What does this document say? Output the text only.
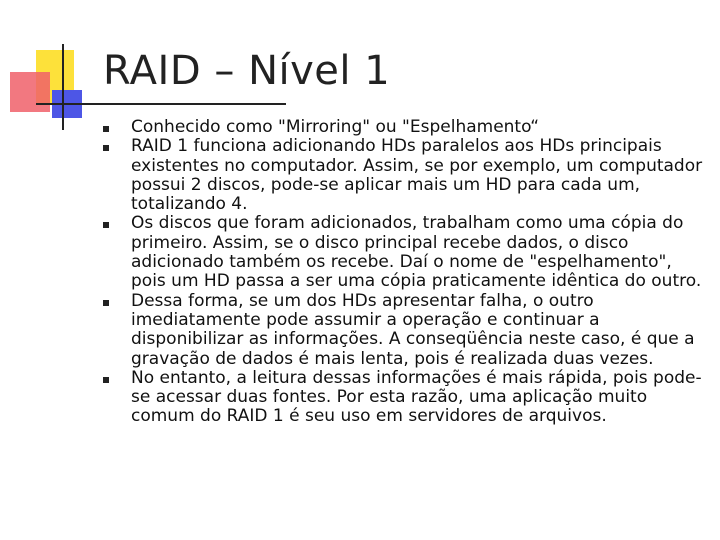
RAID – Nível 1
Conhecido como "Mirroring" ou "Espelhamento“
RAID 1 funciona adicionando HDs paralelos aos HDs principais existentes no computador. Assim, se por exemplo, um computador possui 2 discos, pode-se aplicar mais um HD para cada um, totalizando 4.
Os discos que foram adicionados, trabalham como uma cópia do primeiro. Assim, se o disco principal recebe dados, o disco adicionado também os recebe. Daí o nome de "espelhamento", pois um HD passa a ser uma cópia praticamente idêntica do outro.
Dessa forma, se um dos HDs apresentar falha, o outro imediatamente pode assumir a operação e continuar a disponibilizar as informações. A conseqüência neste caso, é que a gravação de dados é mais lenta, pois é realizada duas vezes.
No entanto, a leitura dessas informações é mais rápida, pois pode-se acessar duas fontes. Por esta razão, uma aplicação muito comum do RAID 1 é seu uso em servidores de arquivos.
